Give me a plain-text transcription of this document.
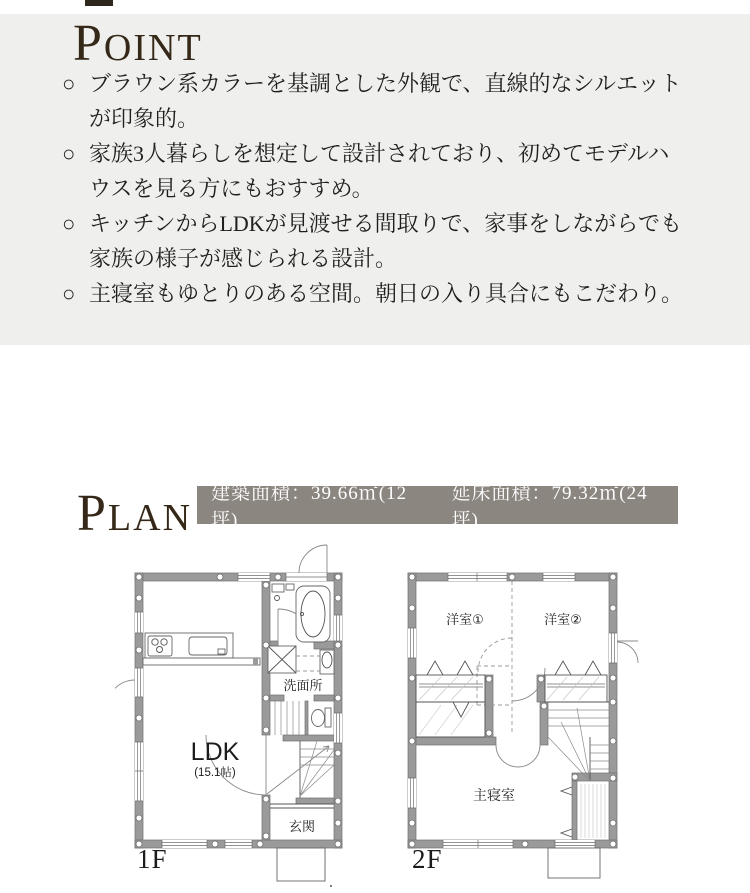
POINT
○ ブラウン系カラーを基調とした外観で、直線的なシルエット
が印象的。
○ 家族3人暮らしを想定して設計されており、初めてモデルハ
ウスを見る方にもおすすめ。
○ キッチンからLDKが見渡せる間取りで、家事をしながらでも
家族の様子が感じられる設計。
○ 主寝室もゆとりのある空間。朝日の入り具合にもこだわり。
PLAN
建築面積：39.66㎡(12坪)
延床面積：79.32㎡(24坪)
LDK
(15.1帖)
洗面所
玄関
洋室①	洋室②
主寝室
1F	2F
